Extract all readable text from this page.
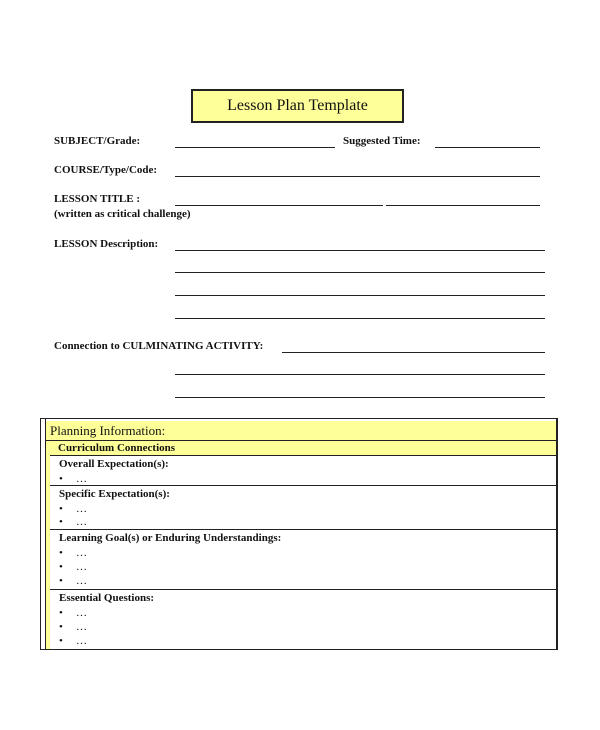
Lesson Plan Template
SUBJECT/Grade:	Suggested Time:
COURSE/Type/Code:
LESSON TITLE :
(written as critical challenge)
LESSON Description:
Connection to CULMINATING ACTIVITY:
Planning Information:
Curriculum Connections
Overall Expectation(s):
• …
Specific Expectation(s):
• …
• …
Learning Goal(s) or Enduring Understandings:
• …
• …
• …
Essential Questions:
• …
• …
• …
